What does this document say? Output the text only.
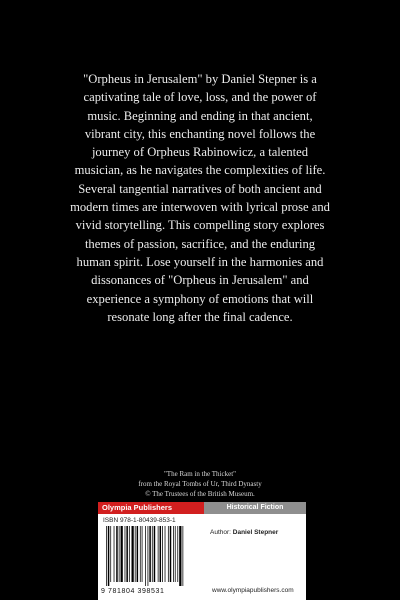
"Orpheus in Jerusalem" by Daniel Stepner is a captivating tale of love, loss, and the power of music. Beginning and ending in that ancient, vibrant city, this enchanting novel follows the journey of Orpheus Rabinowicz, a talented musician, as he navigates the complexities of life. Several tangential narratives of both ancient and modern times are interwoven with lyrical prose and vivid storytelling. This compelling story explores themes of passion, sacrifice, and the enduring human spirit. Lose yourself in the harmonies and dissonances of "Orpheus in Jerusalem" and experience a symphony of emotions that will resonate long after the final cadence.

"The Ram in the Thicket"
from the Royal Tombs of Ur, Third Dynasty
© The Trustees of the British Museum.
Olympia Publishers	Historical Fiction
ISBN 978-1-80439-853-1
Author: Daniel Stepner
9 781804 398531	www.olympiapublishers.com
